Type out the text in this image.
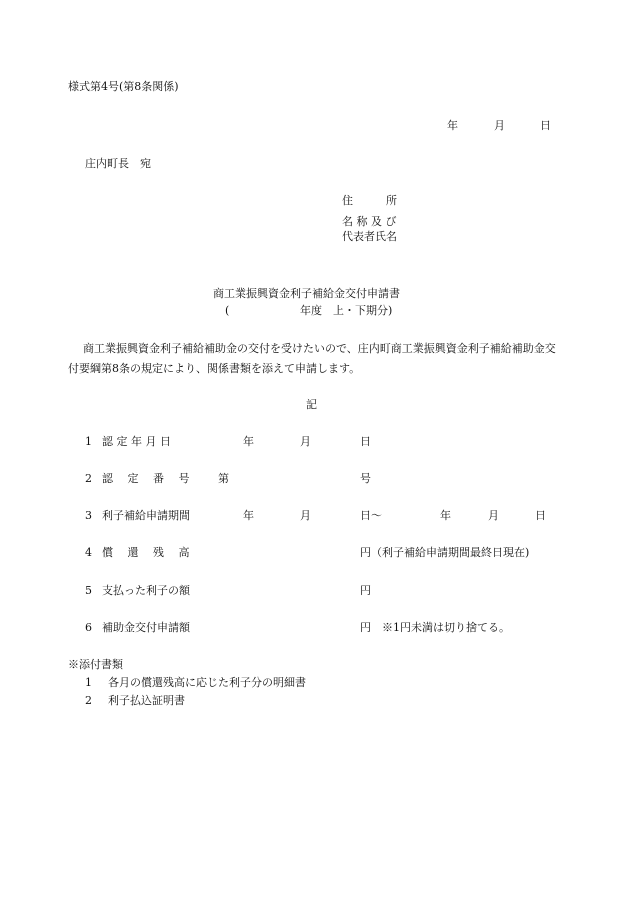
様式第4号(第8条関係)
年	月	日
庄内町長　宛
住　　　所
名 称 及 び
代表者氏名
商工業振興資金利子補給金交付申請書
(	年度　上・下期分)
商工業振興資金利子補給補助金の交付を受けたいので、庄内町商工業振興資金利子補給補助金交付要綱第8条の規定により、関係書類を添えて申請します。
記
1 認 定 年 月 日	年	月	日
2 認　 定　 番　 号	第	号
3 利子補給申請期間	年	月	日～	年	月	日
4 償　 還　 残　 高	円（利子補給申請期間最終日現在)
5 支払った利子の額	円
6 補助金交付申請額	円　※1円未満は切り捨てる。
※添付書類
1 各月の償還残高に応じた利子分の明細書
2 利子払込証明書
